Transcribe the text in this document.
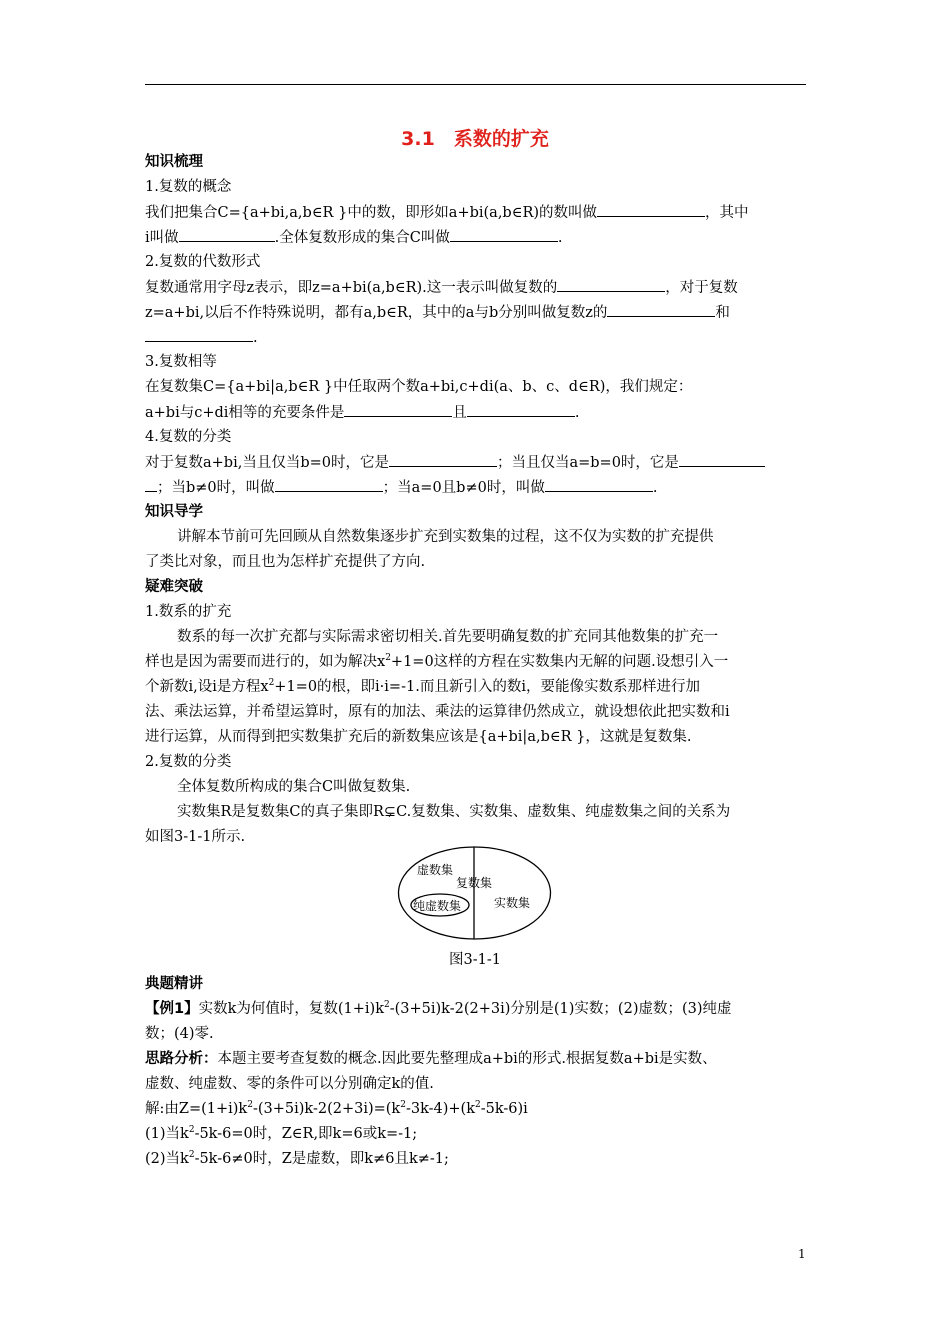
3.1　系数的扩充
知识梳理
1.复数的概念
我们把集合C={a+bi,a,b∈R }中的数，即形如a+bi(a,b∈R)的数叫做	，其中
i叫做	.全体复数形成的集合C叫做	.
2.复数的代数形式
复数通常用字母z表示，即z=a+bi(a,b∈R).这一表示叫做复数的	，对于复数
z=a+bi,以后不作特殊说明，都有a,b∈R，其中的a与b分别叫做复数z的	和
.
3.复数相等
在复数集C={a+bi|a,b∈R }中任取两个数a+bi,c+di(a、b、c、d∈R)，我们规定：
a+bi与c+di相等的充要条件是	且	.
4.复数的分类
对于复数a+bi,当且仅当b=0时，它是	；当且仅当a=b=0时，它是
；当b≠0时，叫做	；当a=0且b≠0时，叫做	.
知识导学
讲解本节前可先回顾从自然数集逐步扩充到实数集的过程，这不仅为实数的扩充提供
了类比对象，而且也为怎样扩充提供了方向.
疑难突破
1.数系的扩充
数系的每一次扩充都与实际需求密切相关.首先要明确复数的扩充同其他数集的扩充一
样也是因为需要而进行的，如为解决$x^2+1=0$这样的方程在实数集内无解的问题.设想引入一
个新数i,设i是方程$x^2+1=0$的根，即i·i=-1.而且新引入的数i，要能像实数系那样进行加
法、乘法运算，并希望运算时，原有的加法、乘法的运算律仍然成立，就设想依此把实数和i
进行运算，从而得到把实数集扩充后的新数集应该是{a+bi|a,b∈R }，这就是复数集.
2.复数的分类
全体复数所构成的集合C叫做复数集.
实数集R是复数集C的真子集即R⊊C.复数集、实数集、虚数集、纯虚数集之间的关系为
如图3-1-1所示.
虚数集
复数集
纯虚数集	实数集
图3-1-1
典题精讲
【例1】实数k为何值时，复数$(1+i)k^2-(3+5i)k-2(2+3i)$分别是(1)实数；(2)虚数；(3)纯虚
数；(4)零.
思路分析：本题主要考查复数的概念.因此要先整理成a+bi的形式.根据复数a+bi是实数、
虚数、纯虚数、零的条件可以分别确定k的值.
解:由$Z=(1+i)k^2-(3+5i)k-2(2+3i)=(k^2-3k-4)+(k^2-5k-6)i$
(1)当$k^2-5k-6=0$时，Z∈R,即k=6或k=-1;
(2)当$k^2-5k-6\ne 0$时，Z是虚数，即k≠6且k≠-1;
1
